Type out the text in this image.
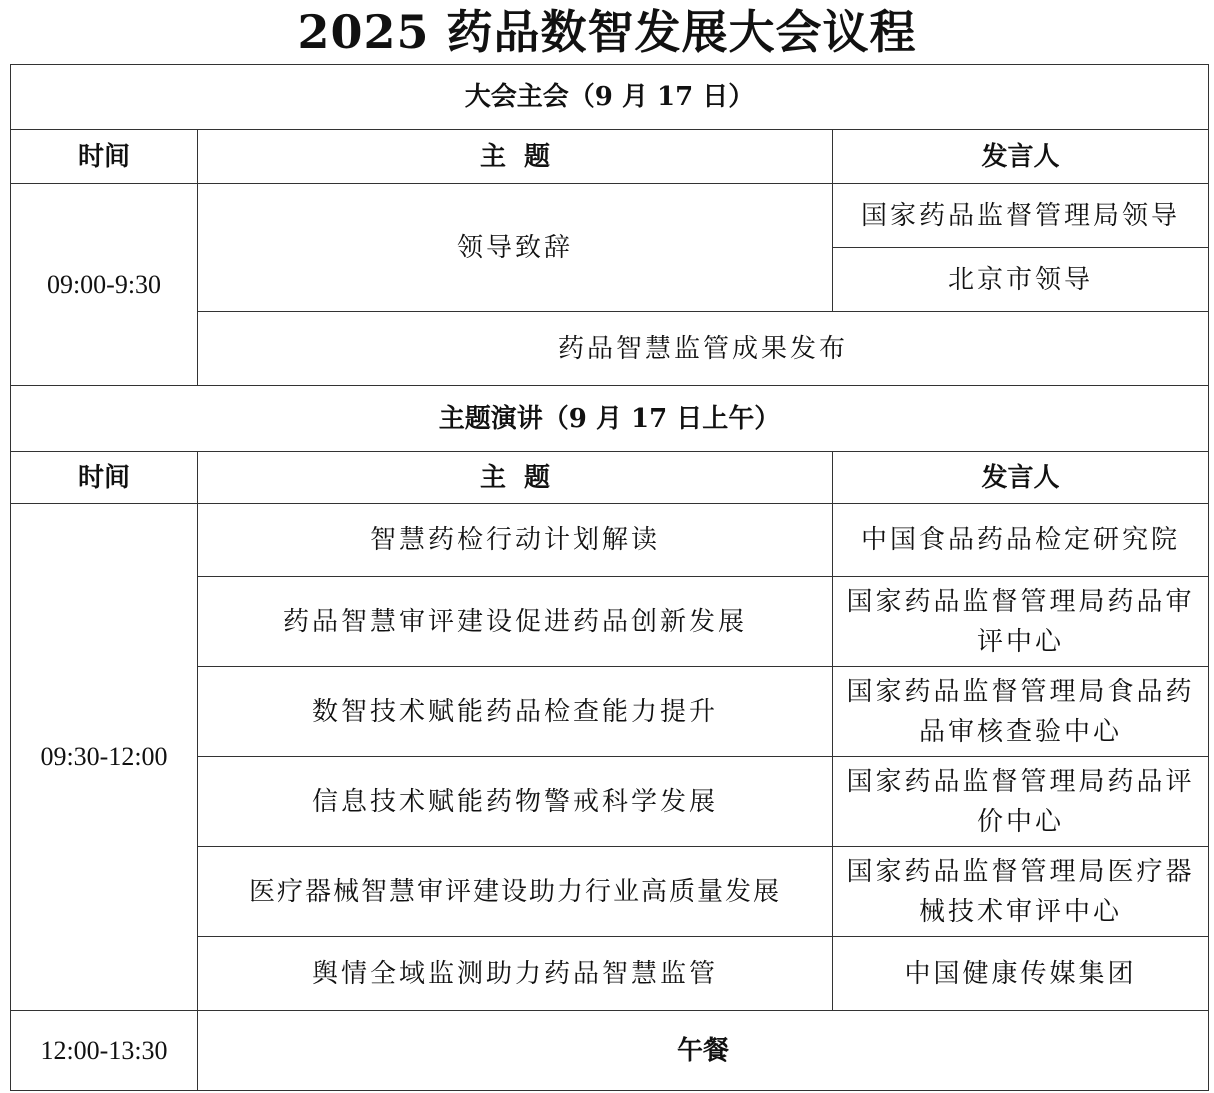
2025 药品数智发展大会议程
大会主会（9 月 17 日）		
时间	主  题	发言人
09:00-9:30	领导致辞	国家药品监督管理局领导
		北京市领导
	药品智慧监管成果发布	
主题演讲（9 月 17 日上午）		
时间	主  题	发言人
09:30-12:00	智慧药检行动计划解读	中国食品药品检定研究院
	药品智慧审评建设促进药品创新发展	国家药品监督管理局药品审评中心
	数智技术赋能药品检查能力提升	国家药品监督管理局食品药品审核查验中心
	信息技术赋能药物警戒科学发展	国家药品监督管理局药品评价中心
	医疗器械智慧审评建设助力行业高质量发展	国家药品监督管理局医疗器械技术审评中心
	舆情全域监测助力药品智慧监管	中国健康传媒集团
12:00-13:30	午餐	
